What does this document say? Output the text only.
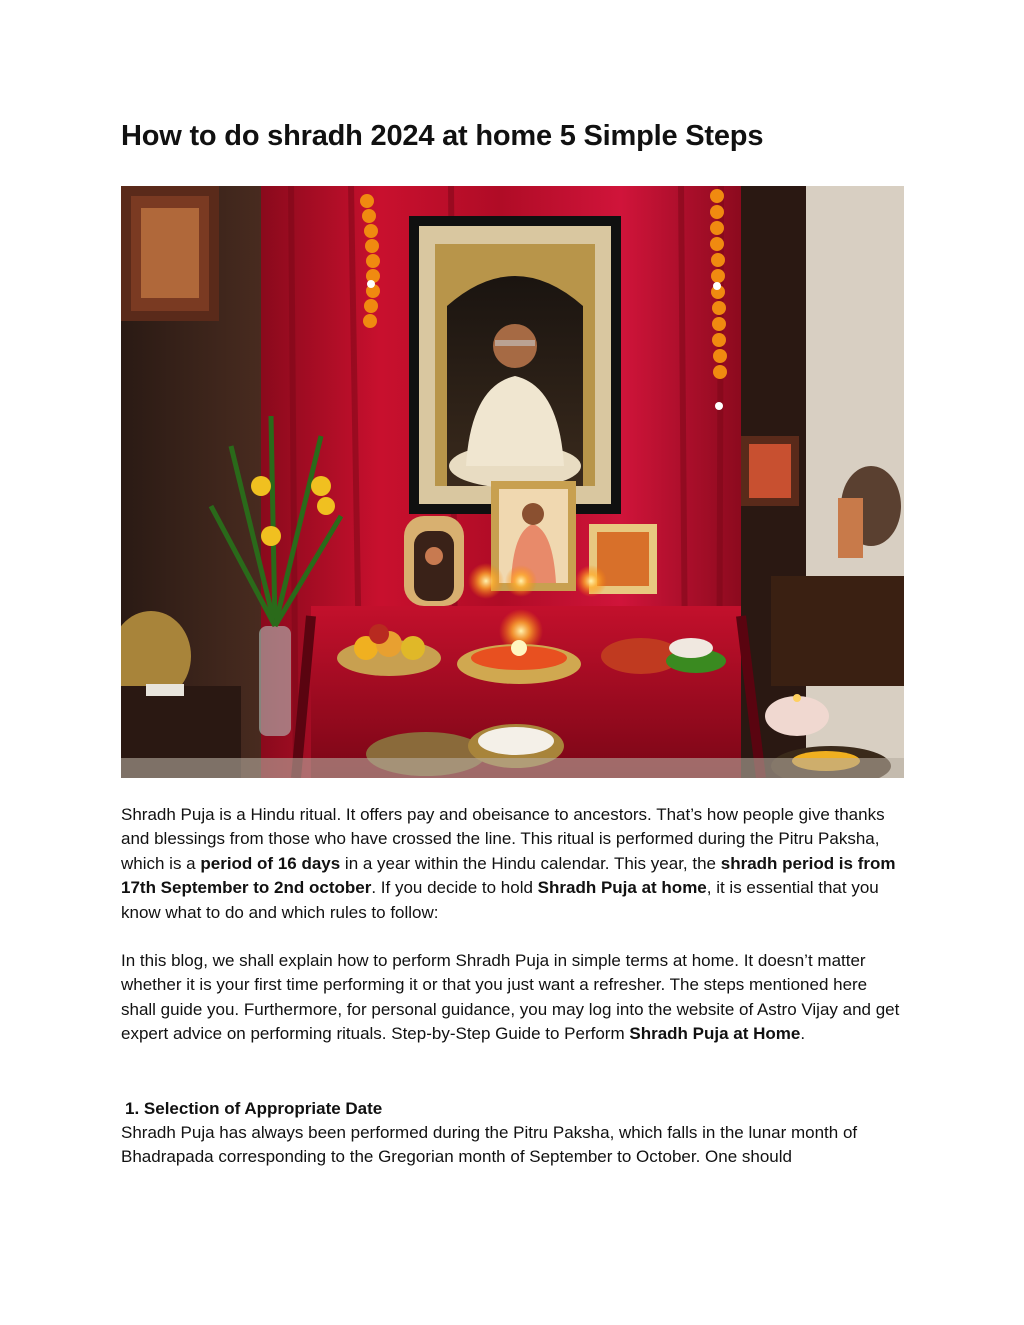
How to do shradh 2024 at home 5 Simple Steps

Shradh Puja is a Hindu ritual. It offers pay and obeisance to ancestors. That’s how people give thanks and blessings from those who have crossed the line. This ritual is performed during the Pitru Paksha, which is a period of 16 days in a year within the Hindu calendar. This year, the shradh period is from 17th September to 2nd october. If you decide to hold Shradh Puja at home, it is essential that you know what to do and which rules to follow:

In this blog, we shall explain how to perform Shradh Puja in simple terms at home. It doesn’t matter whether it is your first time performing it or that you just want a refresher. The steps mentioned here shall guide you. Furthermore, for personal guidance, you may log into the website of Astro Vijay and get expert advice on performing rituals. Step-by-Step Guide to Perform Shradh Puja at Home.

1. Selection of Appropriate Date

Shradh Puja has always been performed during the Pitru Paksha, which falls in the lunar month of Bhadrapada corresponding to the Gregorian month of September to October. One should
